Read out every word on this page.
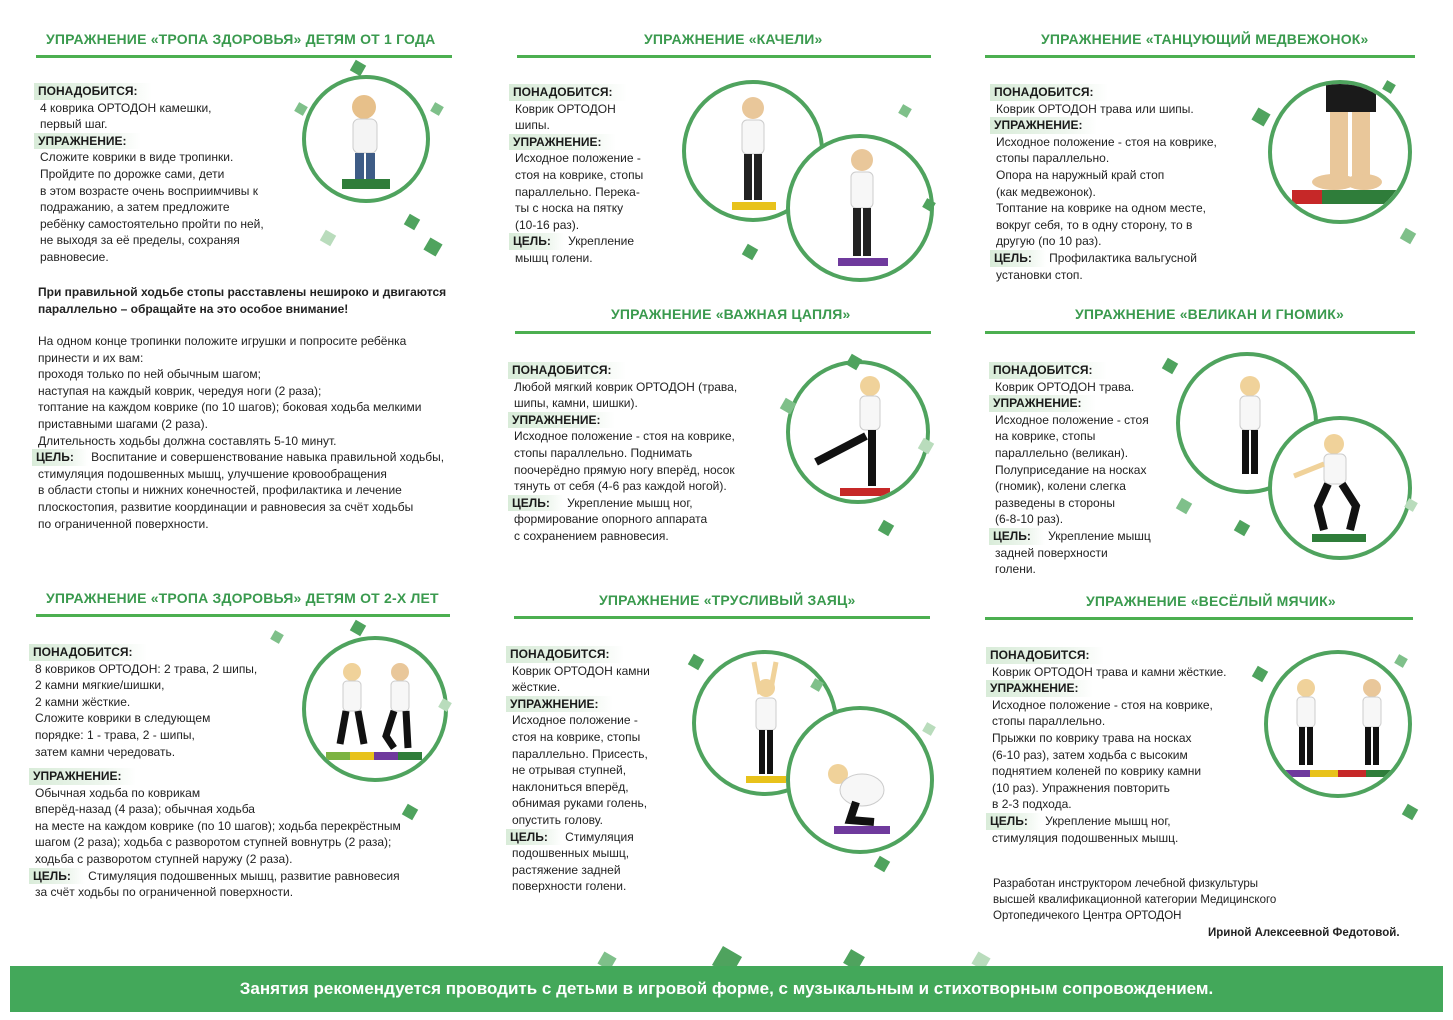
УПРАЖНЕНИЕ «ТРОПА ЗДОРОВЬЯ» ДЕТЯМ ОТ 1 ГОДА

ПОНАДОБИТСЯ:

4 коврика ОРТОДОН камешки,

первый шаг.

УПРАЖНЕНИЕ:

Сложите коврики в виде тропинки.

Пройдите по дорожке сами, дети

в этом возрасте очень восприимчивы к

подражанию, а затем предложите

ребёнку самостоятельно пройти по ней,

не выходя за её пределы, сохраняя

равновесие.

При правильной ходьбе стопы расставлены нешироко и двигаются

параллельно – обращайте на это особое внимание!

На одном конце тропинки положите игрушки и попросите ребёнка

принести и их вам:

проходя только по ней обычным шагом;

наступая на каждый коврик, чередуя ноги (2 раза);

топтание на каждом коврике (по 10 шагов); боковая ходьба мелкими

приставными шагами (2 раза).

Длительность ходьбы должна составлять 5-10 минут.

ЦЕЛЬ: Воспитание и совершенствование навыка правильной ходьбы,

стимуляция подошвенных мышц, улучшение кровообращения

в области стопы и нижних конечностей, профилактика и лечение

плоскостопия, развитие координации и равновесия за счёт ходьбы

по ограниченной поверхности.

УПРАЖНЕНИЕ «КАЧЕЛИ»

ПОНАДОБИТСЯ:

Коврик ОРТОДОН

шипы.

УПРАЖНЕНИЕ:

Исходное положение -

стоя на коврике, стопы

параллельно. Перека-

ты с носка на пятку

(10-16 раз).

ЦЕЛЬ: Укрепление

мышц голени.

УПРАЖНЕНИЕ «ТАНЦУЮЩИЙ МЕДВЕЖОНОК»

ПОНАДОБИТСЯ:

Коврик ОРТОДОН трава или шипы.

УПРАЖНЕНИЕ:

Исходное положение - стоя на коврике,

стопы параллельно.

Опора на наружный край стоп

(как медвежонок).

Топтание на коврике на одном месте,

вокруг себя, то в одну сторону, то в

другую (по 10 раз).

ЦЕЛЬ: Профилактика вальгусной

установки стоп.

УПРАЖНЕНИЕ «ВАЖНАЯ ЦАПЛЯ»

ПОНАДОБИТСЯ:

Любой мягкий коврик ОРТОДОН (трава,

шипы, камни, шишки).

УПРАЖНЕНИЕ:

Исходное положение - стоя на коврике,

стопы параллельно. Поднимать

поочерёдно прямую ногу вперёд, носок

тянуть от себя (4-6 раз каждой ногой).

ЦЕЛЬ: Укрепление мышц ног,

формирование опорного аппарата

с сохранением равновесия.

УПРАЖНЕНИЕ «ВЕЛИКАН И ГНОМИК»

ПОНАДОБИТСЯ:

Коврик ОРТОДОН трава.

УПРАЖНЕНИЕ:

Исходное положение - стоя

на коврике, стопы

параллельно (великан).

Полуприседание на носках

(гномик), колени слегка

разведены в стороны

(6-8-10 раз).

ЦЕЛЬ: Укрепление мышц

задней поверхности

голени.

УПРАЖНЕНИЕ «ТРОПА ЗДОРОВЬЯ» ДЕТЯМ ОТ 2-Х ЛЕТ

ПОНАДОБИТСЯ:

8 ковриков ОРТОДОН: 2 трава, 2 шипы,

2 камни мягкие/шишки,

2 камни жёсткие.

Сложите коврики в следующем

порядке: 1 - трава, 2 - шипы,

затем камни чередовать.

УПРАЖНЕНИЕ:

Обычная ходьба по коврикам

вперёд-назад (4 раза); обычная ходьба

на месте на каждом коврике (по 10 шагов); ходьба перекрёстным

шагом (2 раза); ходьба с разворотом ступней вовнутрь (2 раза);

ходьба с разворотом ступней наружу (2 раза).

ЦЕЛЬ: Стимуляция подошвенных мышц, развитие равновесия

за счёт ходьбы по ограниченной поверхности.

УПРАЖНЕНИЕ «ТРУСЛИВЫЙ ЗАЯЦ»

ПОНАДОБИТСЯ:

Коврик ОРТОДОН камни

жёсткие.

УПРАЖНЕНИЕ:

Исходное положение -

стоя на коврике, стопы

параллельно. Присесть,

не отрывая ступней,

наклониться вперёд,

обнимая руками голень,

опустить голову.

ЦЕЛЬ: Стимуляция

подошвенных мышц,

растяжение задней

поверхности голени.

УПРАЖНЕНИЕ «ВЕСЁЛЫЙ МЯЧИК»

ПОНАДОБИТСЯ:

Коврик ОРТОДОН трава и камни жёсткие.

УПРАЖНЕНИЕ:

Исходное положение - стоя на коврике,

стопы параллельно.

Прыжки по коврику трава на носках

(6-10 раз), затем ходьба с высоким

поднятием коленей по коврику камни

(10 раз). Упражнения повторить

в 2-3 подхода.

ЦЕЛЬ: Укрепление мышц ног,

стимуляция подошвенных мышц.

Разработан инструктором лечебной физкультуры

высшей квалификационной категории Медицинского

Ортопедичекого Центра ОРТОДОН

Ириной Алексеевной Федотовой.
Занятия рекомендуется проводить с детьми в игровой форме, с музыкальным и стихотворным сопровождением.
